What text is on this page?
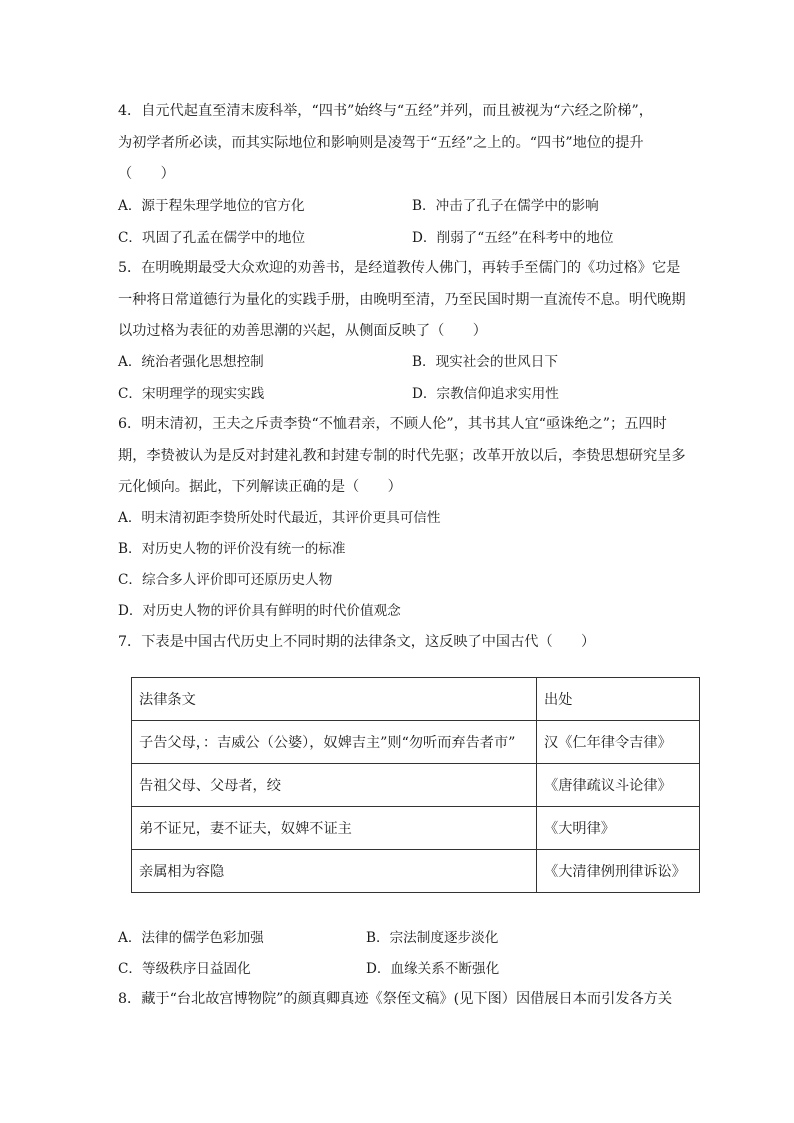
4．自元代起直至清末废科举，“四书”始终与“五经”并列，而且被视为“六经之阶梯”，
为初学者所必读，而其实际地位和影响则是凌驾于“五经”之上的。“四书”地位的提升
（　　）
A．源于程朱理学地位的官方化	B．冲击了孔子在儒学中的影响
C．巩固了孔孟在儒学中的地位	D．削弱了“五经”在科考中的地位
5．在明晚期最受大众欢迎的劝善书，是经道教传人佛门，再转手至儒门的《功过格》它是
一种将日常道德行为量化的实践手册，由晚明至清，乃至民国时期一直流传不息。明代晚期
以功过格为表征的劝善思潮的兴起，从侧面反映了（　　）
A．统治者强化思想控制	B．现实社会的世风日下
C．宋明理学的现实实践	D．宗教信仰追求实用性
6．明末清初，王夫之斥责李贽“不恤君亲，不顾人伦”，其书其人宜“亟诛绝之”；五四时
期，李贽被认为是反对封建礼教和封建专制的时代先驱；改革开放以后，李贽思想研究呈多
元化倾向。据此，下列解读正确的是（　　）
A．明末清初距李贽所处时代最近，其评价更具可信性
B．对历史人物的评价没有统一的标准
C．综合多人评价即可还原历史人物
D．对历史人物的评价具有鲜明的时代价值观念
7．下表是中国古代历史上不同时期的法律条文，这反映了中国古代（　　）
法律条文	出处
子告父母，：吉威公（公婆），奴婢吉主”则“勿听而弃告者市”	汉《仁年律令吉律》
告祖父母、父母者，绞	《唐律疏议斗论律》
弟不证兄，妻不证夫，奴婢不证主	《大明律》
亲属相为容隐	《大清律例刑律诉讼》
A．法律的儒学色彩加强	B．宗法制度逐步淡化
C．等级秩序日益固化	D．血缘关系不断强化
8．藏于“台北故宫博物院”的颜真卿真迹《祭侄文稿》(见下图）因借展日本而引发各方关
